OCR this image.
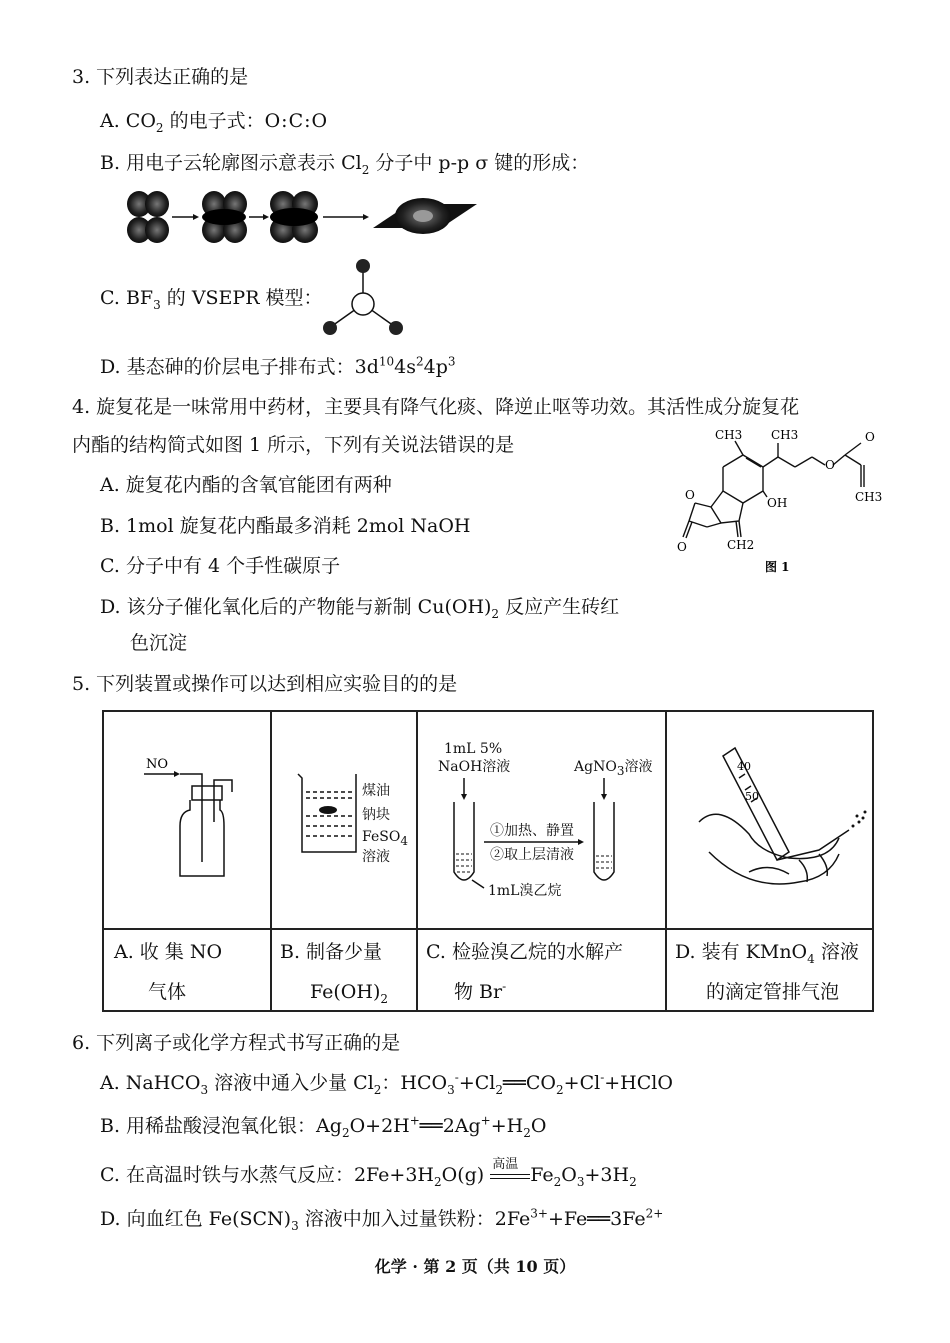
3. 下列表达正确的是
A. $CO_2$ 的电子式：O:C:O
B. 用电子云轮廓图示意表示 $Cl_2$ 分子中 p-p σ 键的形成：
C. $BF_3$ 的 VSEPR 模型：
D. 基态砷的价层电子排布式：$3d^{10}4s^24p^3$
4. 旋复花是一味常用中药材，主要具有降气化痰、降逆止呕等功效。其活性成分旋复花
内酯的结构简式如图 1 所示，下列有关说法错误的是
A. 旋复花内酯的含氧官能团有两种
B. 1mol 旋复花内酯最多消耗 2mol NaOH
C. 分子中有 4 个手性碳原子
D. 该分子催化氧化后的产物能与新制 $Cu(OH)_2$ 反应产生砖红
色沉淀
CH3 CH3
O
O
CH3
OH
O
O	CH2
图 1
5. 下列装置或操作可以达到相应实验目的的是
NO
煤油
钠块
FeSO$_4$
溶液
1mL 5%
NaOH溶液	AgNO$_3$溶液
①加热、静置
②取上层清液
1mL溴乙烷
40
50
A. 收 集 NO
气体
B. 制备少量
$Fe(OH)_2$
C. 检验溴乙烷的水解产
物 Br-
D. 装有 KMnO$_4$ 溶液
的滴定管排气泡
6. 下列离子或化学方程式书写正确的是
A. NaHCO$_3$ 溶液中通入少量 $Cl_2$：$HCO_3^-+Cl_2══CO_2+Cl^-+HClO$
B. 用稀盐酸浸泡氧化银：$Ag_2O+2H^+══2Ag^++H_2O$
C. 在高温时铁与水蒸气反应：$2Fe+3H_2O(g)$ 高温 $Fe_2O_3+3H_2$
D. 向血红色 $Fe(SCN)_3$ 溶液中加入过量铁粉：$2Fe^{3+}+Fe══3Fe^{2+}$
化学 · 第 2 页（共 10 页）
